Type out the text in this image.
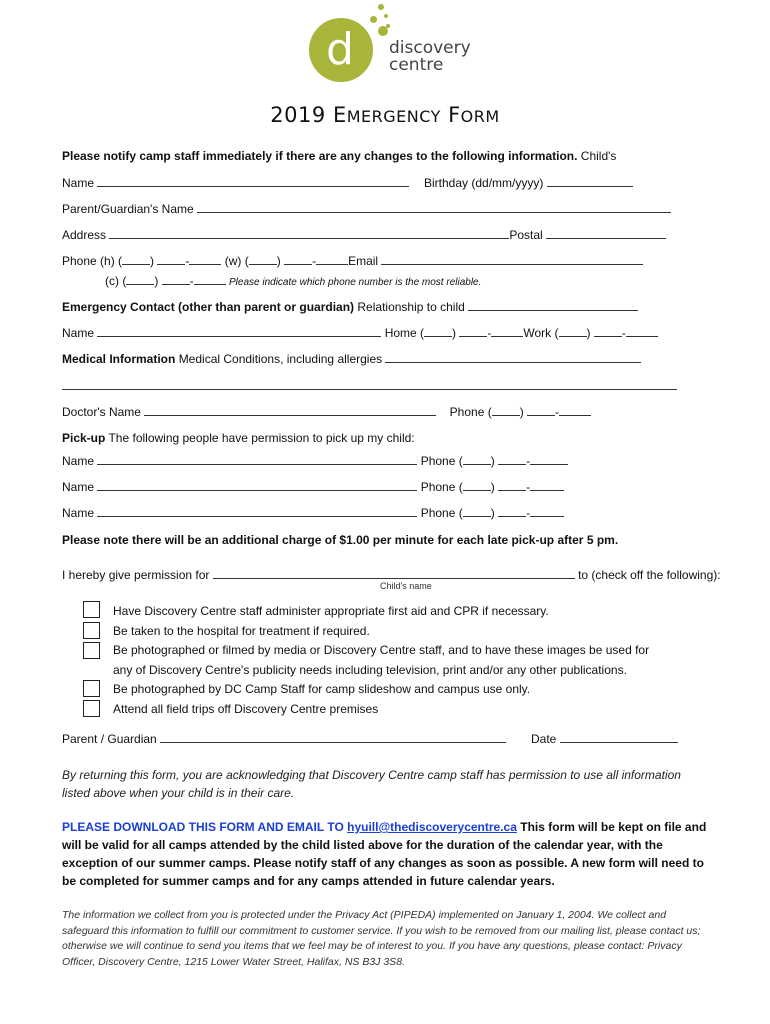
d discovery
centre
2019 EMERGENCY FORM
Please notify camp staff immediately if there are any changes to the following information. Child's
Name	Birthday (dd/mm/yyyy)
Parent/Guardian's Name
Address	Postal
Phone (h) ( ) -	(w) ( ) -	Email
(c) ( ) -	Please indicate which phone number is the most reliable.
Emergency Contact (other than parent or guardian) Relationship to child
Name	Home ( ) -	Work ( ) -
Medical Information Medical Conditions, including allergies
Doctor's Name	Phone ( ) -
Pick-up The following people have permission to pick up my child:
Name	Phone ( ) -
Name	Phone ( ) -
Name	Phone ( ) -
Please note there will be an additional charge of $1.00 per minute for each late pick-up after 5 pm.
I hereby give permission for	to (check off the following):
Child's name
Have Discovery Centre staff administer appropriate first aid and CPR if necessary.
Be taken to the hospital for treatment if required.
Be photographed or filmed by media or Discovery Centre staff, and to have these images be used for
any of Discovery Centre's publicity needs including television, print and/or any other publications.
Be photographed by DC Camp Staff for camp slideshow and campus use only.
Attend all field trips off Discovery Centre premises
Parent / Guardian	Date
By returning this form, you are acknowledging that Discovery Centre camp staff has permission to use all information listed above when your child is in their care.
PLEASE DOWNLOAD THIS FORM AND EMAIL TO hyuill@thediscoverycentre.ca This form will be kept on file and will be valid for all camps attended by the child listed above for the duration of the calendar year, with the exception of our summer camps. Please notify staff of any changes as soon as possible. A new form will need to be completed for summer camps and for any camps attended in future calendar years.
The information we collect from you is protected under the Privacy Act (PIPEDA) implemented on January 1, 2004. We collect and safeguard this information to fulfill our commitment to customer service. If you wish to be removed from our mailing list, please contact us; otherwise we will continue to send you items that we feel may be of interest to you. If you have any questions, please contact: Privacy Officer, Discovery Centre, 1215 Lower Water Street, Halifax, NS B3J 3S8.
